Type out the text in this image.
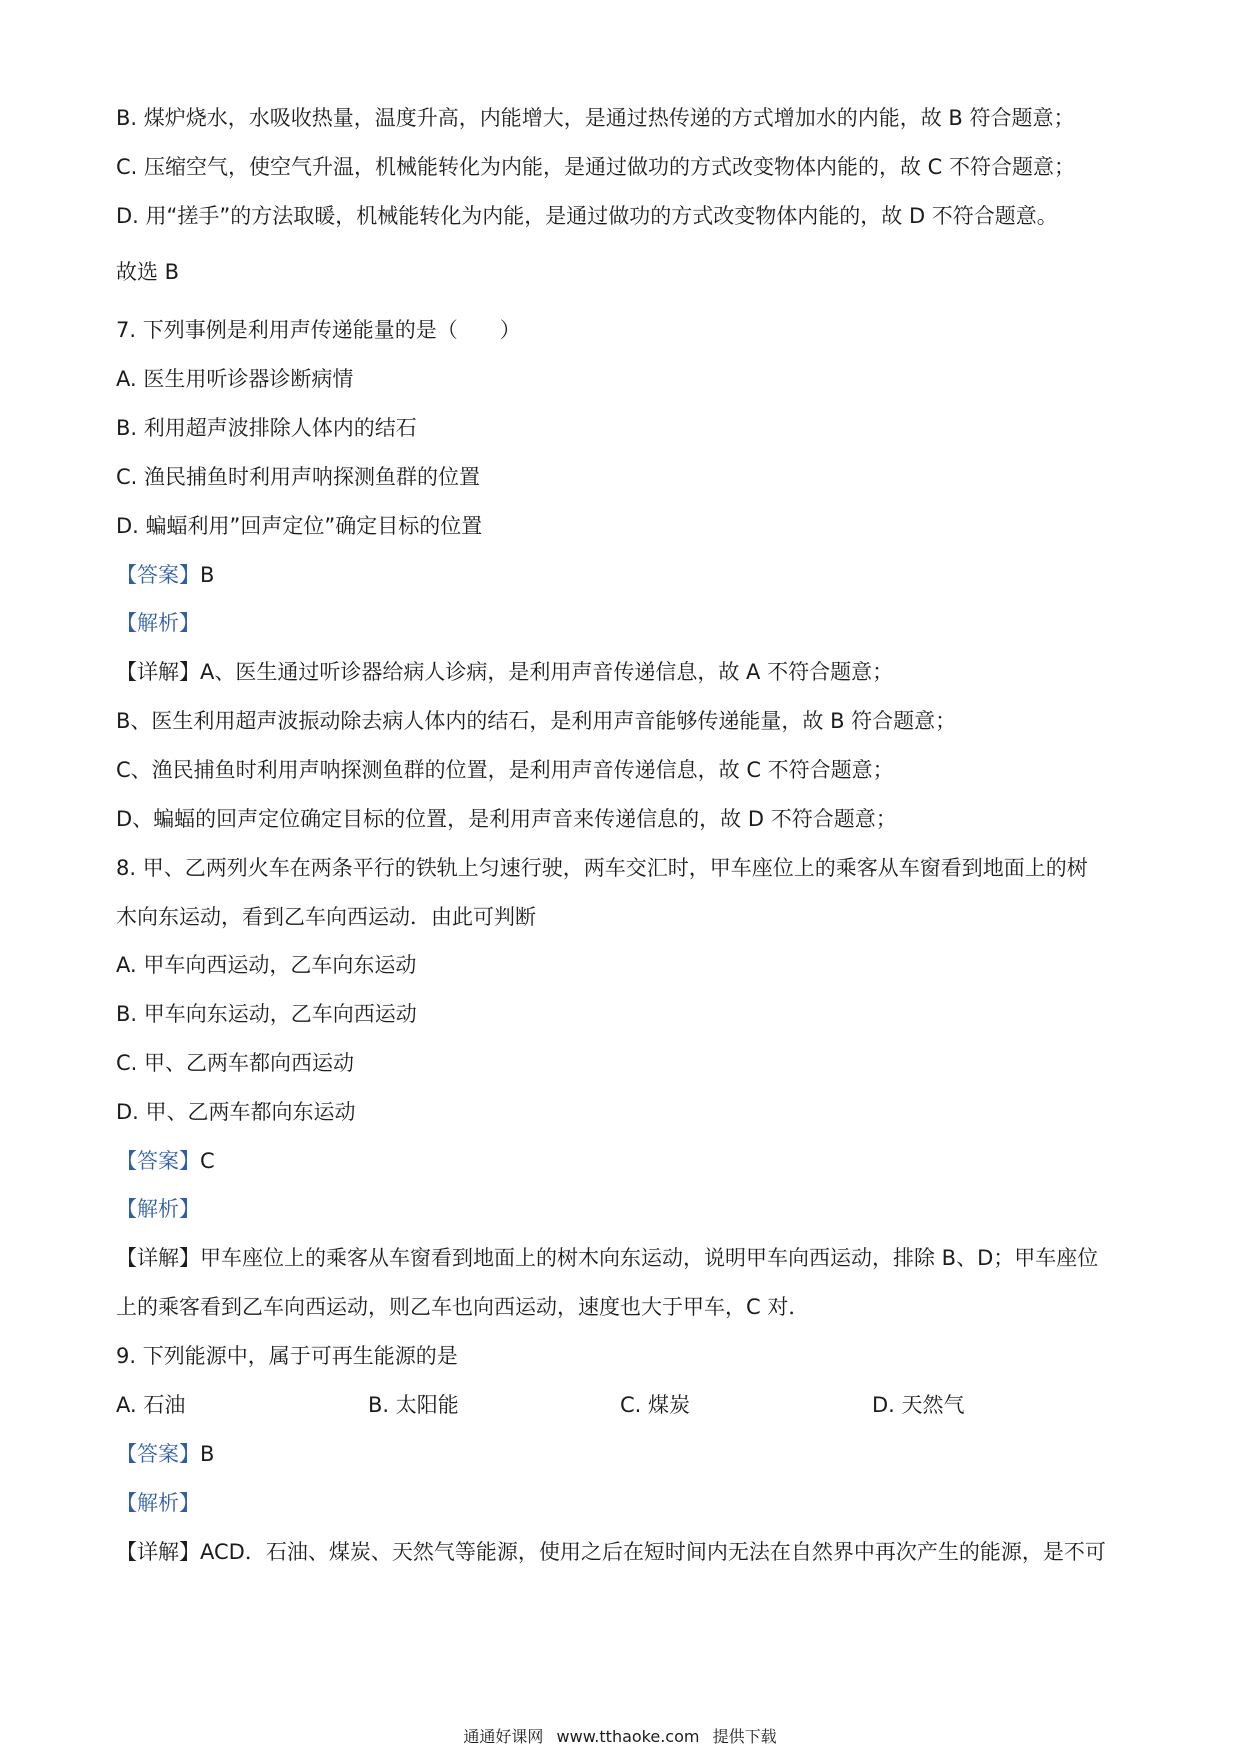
B. 煤炉烧水，水吸收热量，温度升高，内能增大，是通过热传递的方式增加水的内能，故 B 符合题意；

C. 压缩空气，使空气升温，机械能转化为内能，是通过做功的方式改变物体内能的，故 C 不符合题意；

D. 用“搓手”的方法取暖，机械能转化为内能，是通过做功的方式改变物体内能的，故 D 不符合题意。

故选 B

7. 下列事例是利用声传递能量的是（　　）

A. 医生用听诊器诊断病情

B. 利用超声波排除人体内的结石

C. 渔民捕鱼时利用声呐探测鱼群的位置

D. 蝙蝠利用”回声定位”确定目标的位置

【答案】B

【解析】

【详解】A、医生通过听诊器给病人诊病，是利用声音传递信息，故 A 不符合题意；

B、医生利用超声波振动除去病人体内的结石，是利用声音能够传递能量，故 B 符合题意；

C、渔民捕鱼时利用声呐探测鱼群的位置，是利用声音传递信息，故 C 不符合题意；

D、蝙蝠的回声定位确定目标的位置，是利用声音来传递信息的，故 D 不符合题意；

8. 甲、乙两列火车在两条平行的铁轨上匀速行驶，两车交汇时，甲车座位上的乘客从车窗看到地面上的树

木向东运动，看到乙车向西运动．由此可判断

A. 甲车向西运动，乙车向东运动

B. 甲车向东运动，乙车向西运动

C. 甲、乙两车都向西运动

D. 甲、乙两车都向东运动

【答案】C

【解析】

【详解】甲车座位上的乘客从车窗看到地面上的树木向东运动，说明甲车向西运动，排除 B、D；甲车座位

上的乘客看到乙车向西运动，则乙车也向西运动，速度也大于甲车，C 对．

9. 下列能源中，属于可再生能源的是

A. 石油	B. 太阳能	C. 煤炭	D. 天然气

【答案】B

【解析】

【详解】ACD．石油、煤炭、天然气等能源，使用之后在短时间内无法在自然界中再次产生的能源，是不可

通通好课网 www.tthaoke.com 提供下载
